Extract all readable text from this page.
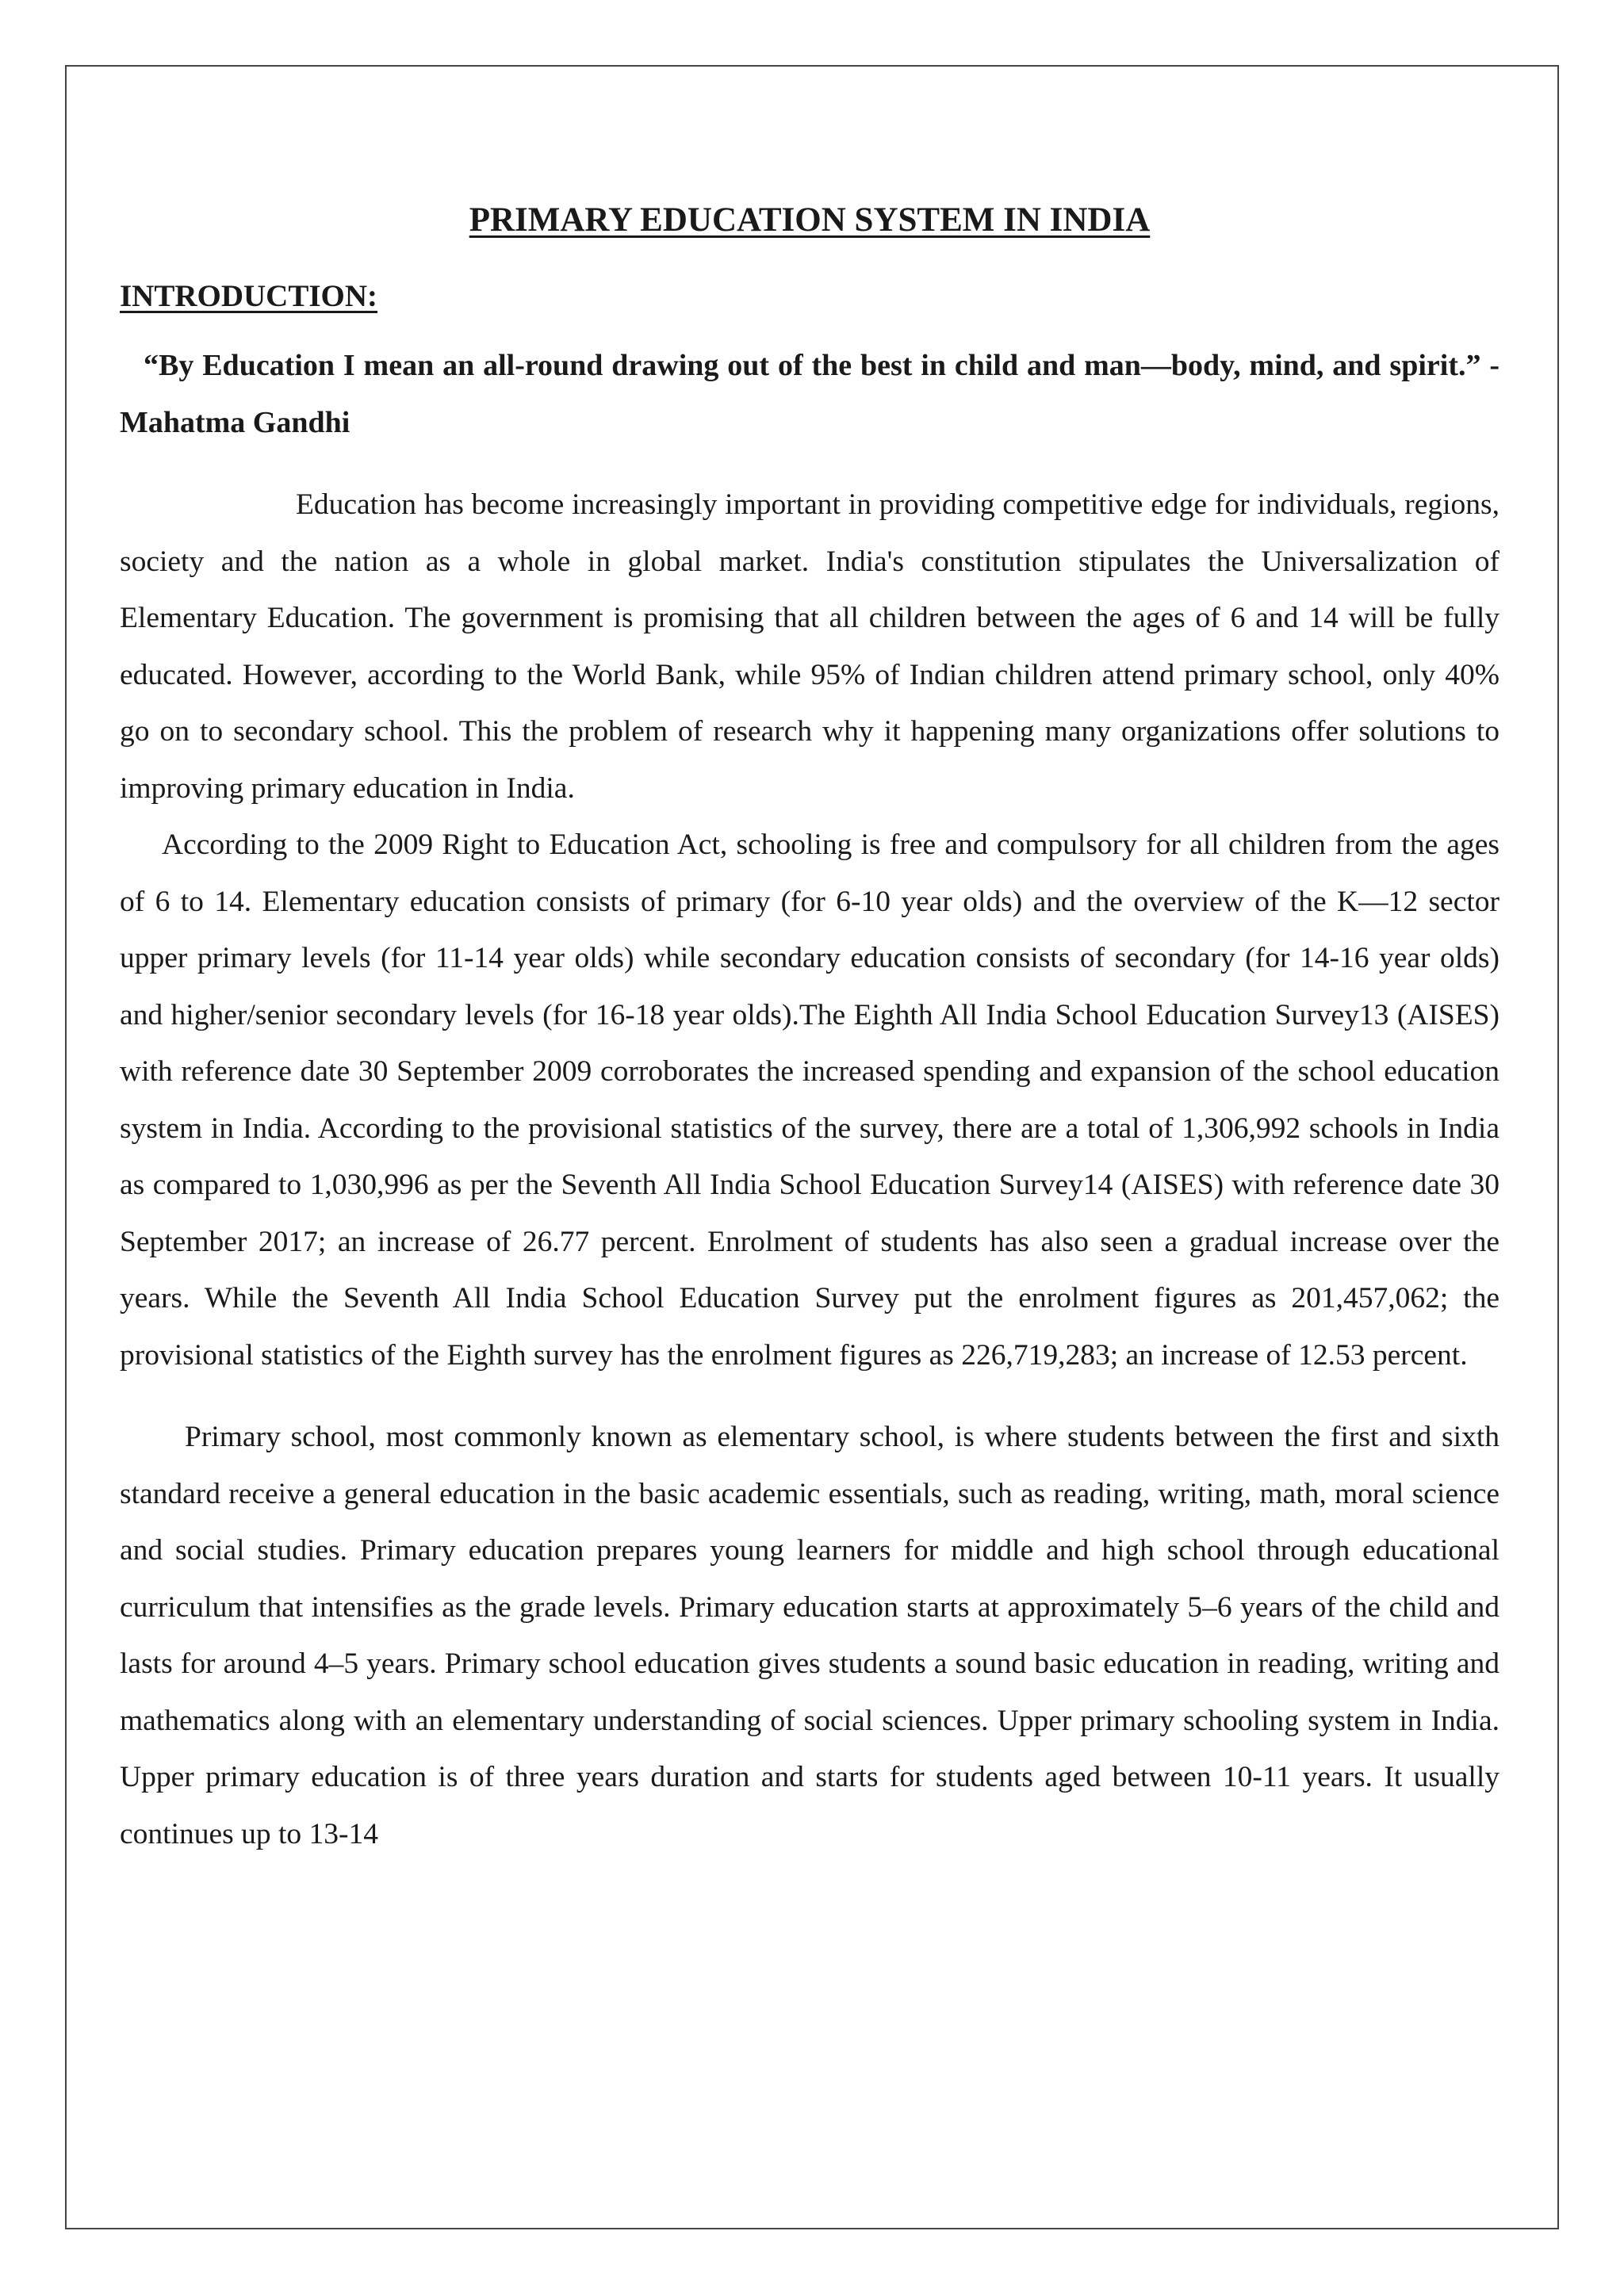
PRIMARY EDUCATION SYSTEM IN INDIA
INTRODUCTION:

“By Education I mean an all-round drawing out of the best in child and man—body, mind, and spirit.” - Mahatma Gandhi

Education has become increasingly important in providing competitive edge for individuals, regions, society and the nation as a whole in global market. India's constitution stipulates the Universalization of Elementary Education. The government is promising that all children between the ages of 6 and 14 will be fully educated. However, according to the World Bank, while 95% of Indian children attend primary school, only 40% go on to secondary school. This the problem of research why it happening many organizations offer solutions to improving primary education in India.

According to the 2009 Right to Education Act, schooling is free and compulsory for all children from the ages of 6 to 14. Elementary education consists of primary (for 6-10 year olds) and the overview of the K—12 sector upper primary levels (for 11-14 year olds) while secondary education consists of secondary (for 14-16 year olds) and higher/senior secondary levels (for 16-18 year olds).The Eighth All India School Education Survey13 (AISES) with reference date 30 September 2009 corroborates the increased spending and expansion of the school education system in India. According to the provisional statistics of the survey, there are a total of 1,306,992 schools in India as compared to 1,030,996 as per the Seventh All India School Education Survey14 (AISES) with reference date 30 September 2017; an increase of 26.77 percent. Enrolment of students has also seen a gradual increase over the years. While the Seventh All India School Education Survey put the enrolment figures as 201,457,062; the provisional statistics of the Eighth survey has the enrolment figures as 226,719,283; an increase of 12.53 percent.

Primary school, most commonly known as elementary school, is where students between the first and sixth standard receive a general education in the basic academic essentials, such as reading, writing, math, moral science and social studies. Primary education prepares young learners for middle and high school through educational curriculum that intensifies as the grade levels. Primary education starts at approximately 5–6 years of the child and lasts for around 4–5 years. Primary school education gives students a sound basic education in reading, writing and mathematics along with an elementary understanding of social sciences. Upper primary schooling system in India. Upper primary education is of three years duration and starts for students aged between 10-11 years. It usually continues up to 13-14
